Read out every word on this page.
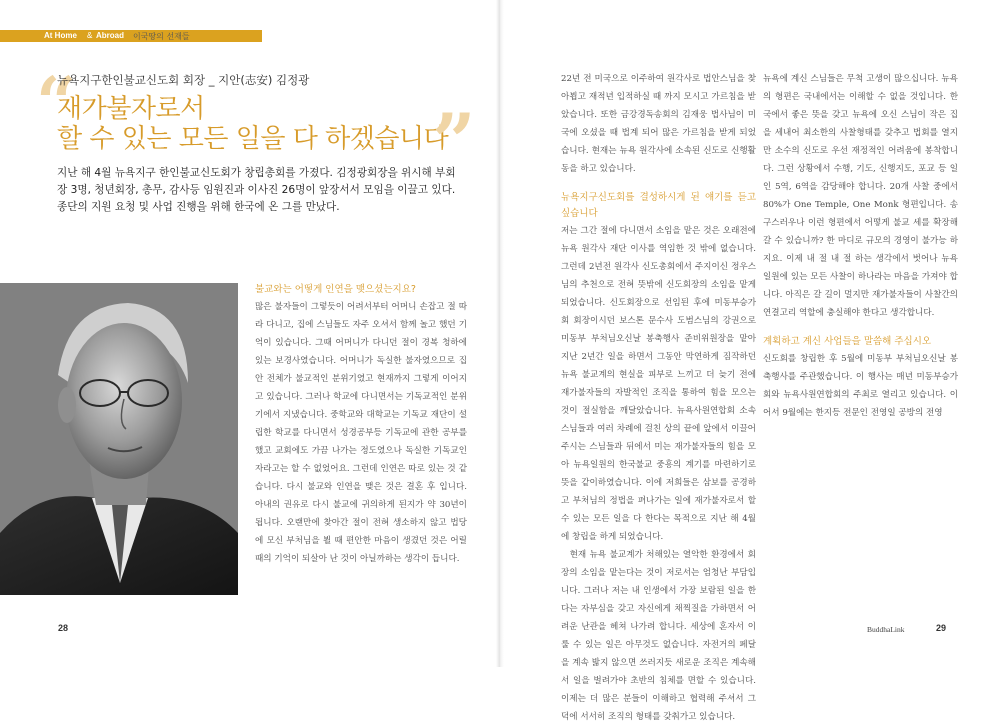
At Home & Abroad 이국땅의 선재들
“
뉴욕지구한인불교신도회 회장 _ 지안(志安) 김정광
재가불자로서
할 수 있는 모든 일을 다 하겠습니다
”
지난 해 4월 뉴욕지구 한인불교신도회가 창립총회를 가졌다. 김정광회장을 위시해 부회장 3명, 청년회장, 총무, 감사등 임원진과 이사진 26명이 앞장서서 모임을 이끌고 있다. 종단의 지원 요청 및 사업 진행을 위해 한국에 온 그를 만났다.

불교와는 어떻게 인연을 맺으셨는지요?

많은 불자들이 그렇듯이 어려서부터 어머니 손잡고 절 따라 다니고, 집에 스님들도 자주 오셔서 함께 놀고 했던 기억이 있습니다. 그때 어머니가 다니던 절이 경복 청하에 있는 보경사였습니다. 어머니가 독실한 불자였으므로 집안 전체가 불교적인 분위기였고 현재까지 그렇게 이어지고 있습니다. 그러나 학교에 다니면서는 기독교적인 분위기에서 지냈습니다. 중학교와 대학교는 기독교 재단이 설립한 학교를 다니면서 성경공부등 기독교에 관한 공부를 했고 교회에도 가끔 나가는 정도였으나 독실한 기독교인자라고는 할 수 없었어요. 그런데 인연은 따로 있는 것 같습니다. 다시 불교와 인연을 맺은 것은 결혼 후 입니다. 아내의 권유로 다시 불교에 귀의하게 된지가 약 30년이 됩니다. 오랜만에 찾아간 절이 전혀 생소하지 않고 법당에 모신 부처님을 뵐 때 편안한 마음이 생겼던 것은 어릴 때의 기억이 되살아 난 것이 아닐까하는 생각이 듭니다.

22년 전 미국으로 이주하여 원각사로 법안스님을 찾아뵙고 재적년 입적하실 때 까지 모시고 가르침을 받았습니다. 또한 금강경독송회의 김재웅 법사님이 미국에 오셨을 때 법계 되어 많은 가르침을 받게 되었습니다. 현재는 뉴욕 원각사에 소속된 신도로 신행활동을 하고 있습니다.

뉴욕지구신도회를 결성하시게 된 얘기를 듣고 싶습니다

저는 그간 절에 다니면서 소임을 맡은 것은 오래전에 뉴욕 원각사 재단 이사를 역임한 것 밖에 없습니다. 그런데 2년전 원각사 신도총회에서 주지이신 정우스님의 추천으로 전혀 뜻밖에 신도회장의 소임을 맡게 되었습니다. 신도회장으로 선임된 후에 미동부승가회 회장이시던 보스톤 문수사 도범스님의 강권으로 미동부 부처님오신날 봉축행사 준비위원장을 맡아 지난 2년간 일을 하면서 그동안 막연하게 짐작하던 뉴욕 불교계의 현실을 피부로 느끼고 더 늦기 전에 재가불자들의 자발적인 조직을 통하여 힘을 모으는 것이 절실함을 깨달았습니다. 뉴욕사원연합회 소속 스님들과 여러 차례에 걸친 상의 끝에 앞에서 이끌어 주시는 스님들과 뒤에서 미는 재가불자들의 힘을 모아 뉴욕일원의 한국불교 중흥의 계기를 마련하기로 뜻을 같이하였습니다. 이에 저희들은 삼보를 공경하고 부처님의 정법을 펴나가는 일에 재가불자로서 할 수 있는 모든 일을 다 한다는 목적으로 지난 해 4월에 창립을 하게 되었습니다.

현재 뉴욕 불교계가 처해있는 열악한 환경에서 회장의 소임을 맡는다는 것이 저로서는 엄청난 부담입니다. 그러나 저는 내 인생에서 가장 보람된 일을 한다는 자부심을 갖고 자신에게 채찍질을 가하면서 어려운 난관을 헤쳐 나가려 합니다. 세상에 혼자서 이룰 수 있는 일은 아무것도 없습니다. 자전거의 페달을 계속 밟지 않으면 쓰러지듯 새로운 조직은 계속해서 일을 벌려가야 초반의 침체를 면할 수 있습니다. 이제는 더 많은 분들이 이해하고 협력해 주셔서 그 덕에 서서히 조직의 형태를 갖춰가고 있습니다.

뉴욕에 계신 스님들은 무척 고생이 많으십니다. 뉴욕의 형편은 국내에서는 이해할 수 없을 것입니다. 한국에서 좋은 뜻을 갖고 뉴욕에 오신 스님이 작은 집을 세내어 최소한의 사찰형태를 갖추고 법회를 열지만 소수의 신도로 우선 재정적인 어려움에 봉착합니다. 그런 상황에서 수행, 기도, 신행지도, 포교 등 일인 5역, 6역을 감당해야 합니다. 20개 사찰 중에서 80%가 One Temple, One Monk 형편입니다. 송구스러우나 이런 형편에서 어떻게 불교 세를 확장해 갈 수 있습니까? 한 마디로 규모의 경영이 불가능 하지요. 이제 내 절 내 절 하는 생각에서 벗어나 뉴욕 일원에 있는 모든 사찰이 하나라는 마음을 가져야 합니다. 아직은 갈 길이 멀지만 재가불자들이 사찰간의 연결고리 역할에 충실해야 한다고 생각합니다.

계획하고 계신 사업들을 말씀해 주십시오

신도회를 창립한 후 5월에 미동부 부처님오신날 봉축행사를 주관했습니다. 이 행사는 매년 미동부승가회와 뉴욕사원연합회의 주최로 열리고 있습니다. 이어서 9월에는 한지등 전문인 전영일 공방의 전영

28	BuddhaLink	29
